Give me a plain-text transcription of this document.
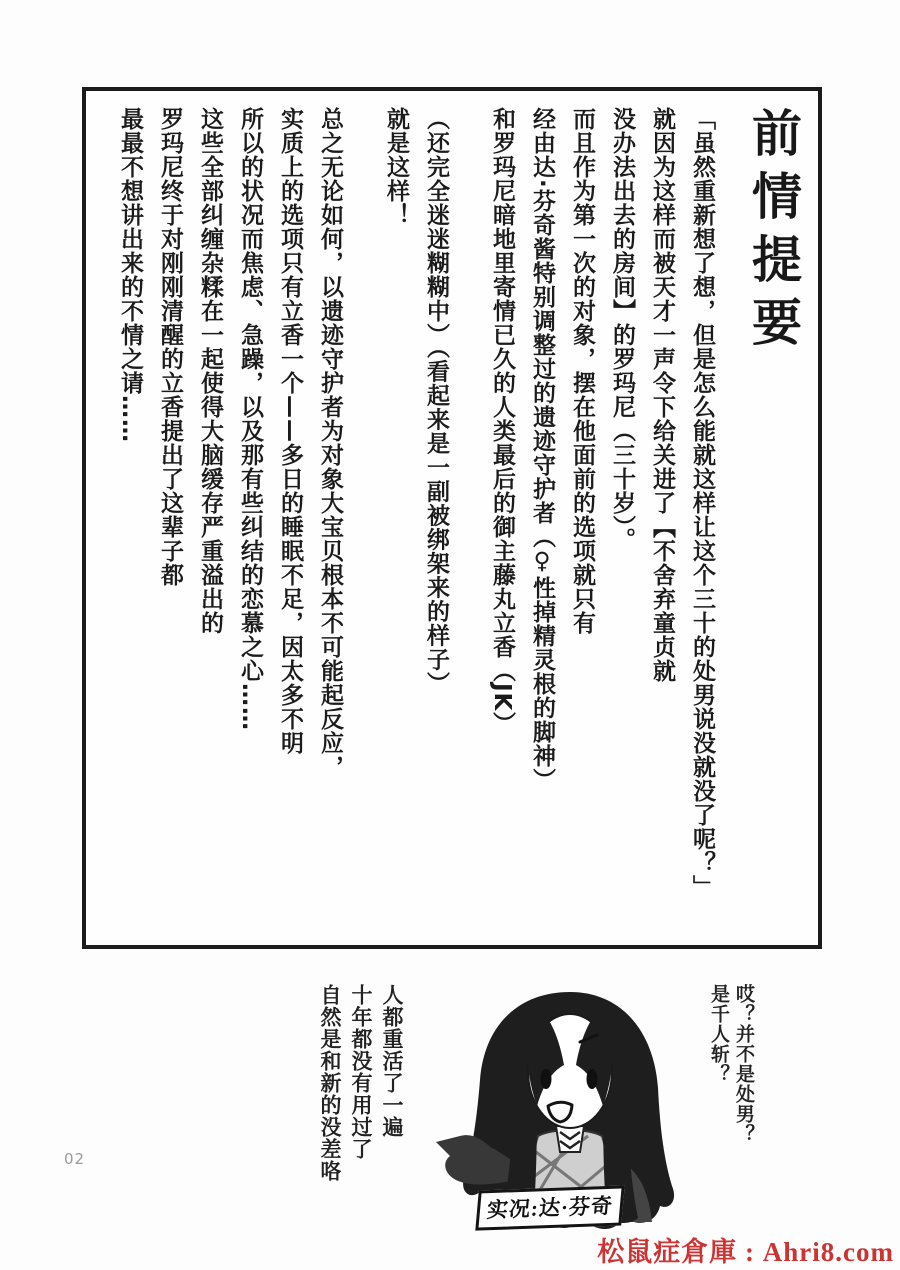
前情提要
「虽然重新想了想，但是怎么能就这样让这个三十的处男说没就没了呢？」
就因为这样而被天才一声令下给关进了【不舍弃童贞就
没办法出去的房间】的罗玛尼（三十岁）。
而且作为第一次的对象，摆在他面前的选项就只有
经由达·芬奇酱特别调整过的遗迹守护者（♀性掉精灵根的脚神）
和罗玛尼暗地里寄情已久的人类最后的御主藤丸立香（JK）
（还完全迷迷糊糊中）（看起来是一副被绑架来的样子）
就是这样！
总之无论如何，以遗迹守护者为对象大宝贝根本不可能起反应，
实质上的选项只有立香一个——多日的睡眠不足，因太多不明
所以的状况而焦虑、急躁，以及那有些纠结的恋慕之心……
这些全部纠缠杂糅在一起使得大脑缓存严重溢出的
罗玛尼终于对刚刚清醒的立香提出了这辈子都
最最不想讲出来的不情之请……
哎？并不是处男？
是千人斩？
人都重活了一遍
十年都没有用过了
自然是和新的没差咯
实况:达·芬奇
02
松鼠症倉庫 : Ahri8.com
